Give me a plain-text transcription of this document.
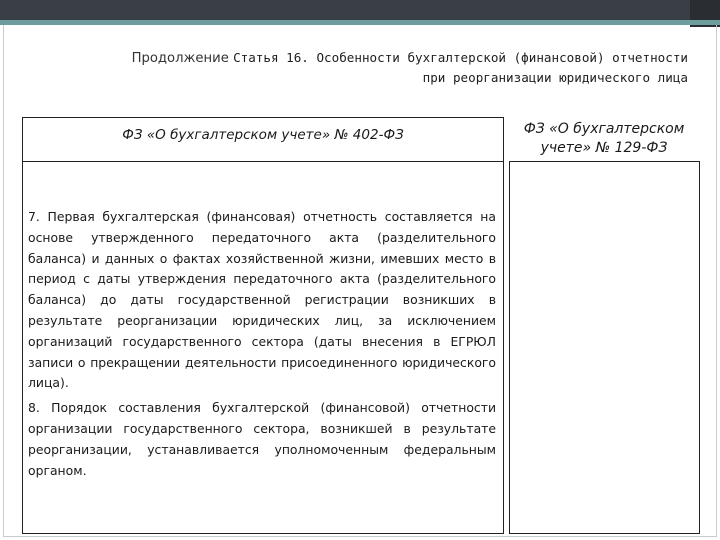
Продолжение Статья 16. Особенности бухгалтерской (финансовой) отчетности
при реорганизации юридического лица
ФЗ «О бухгалтерском учете» № 129-ФЗ
ФЗ «О бухгалтерском учете» № 402-ФЗ

7. Первая бухгалтерская (финансовая) отчетность составляется на основе утвержденного передаточного акта (разделительного баланса) и данных о фактах хозяйственной жизни, имевших место в период с даты утверждения передаточного акта (разделительного баланса) до даты государственной регистрации возникших в результате реорганизации юридических лиц, за исключением организаций государственного сектора (даты внесения в ЕГРЮЛ записи о прекращении деятельности присоединенного юридического лица).

8. Порядок составления бухгалтерской (финансовой) отчетности организации государственного сектора, возникшей в результате реорганизации, устанавливается уполномоченным федеральным органом.
